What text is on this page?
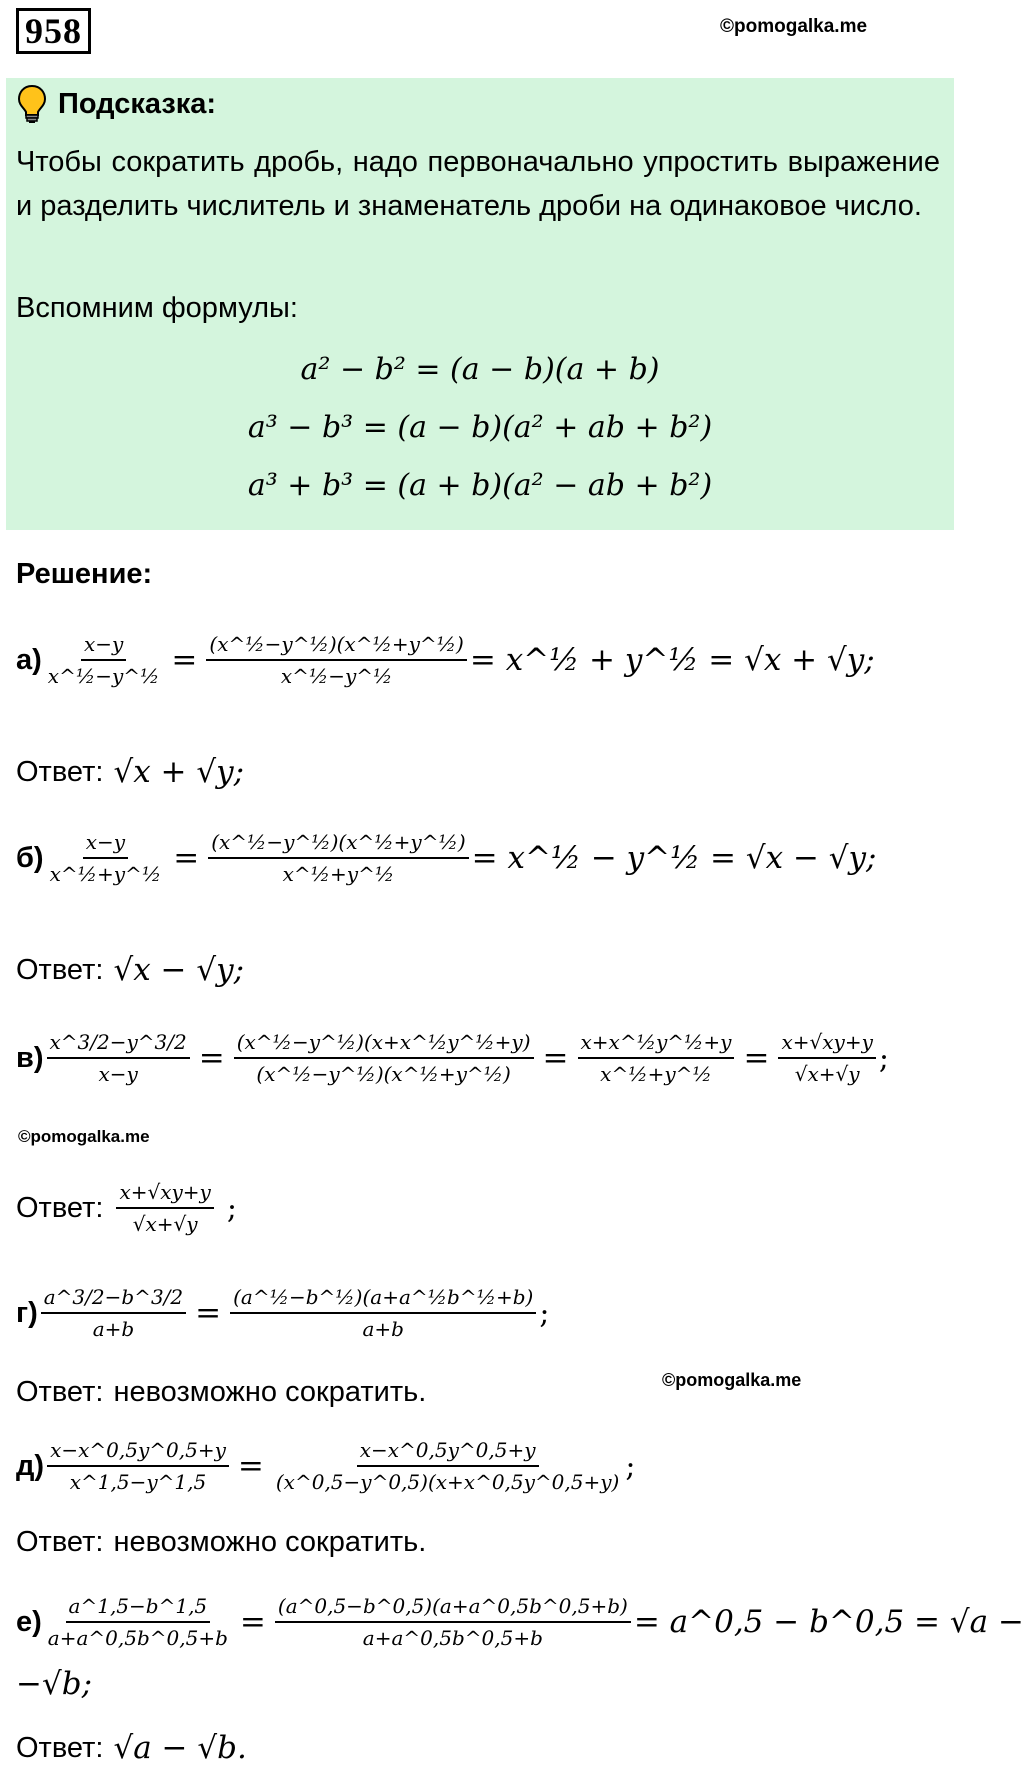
958	©pomogalka.me
Подсказка:
Чтобы сократить дробь, надо первоначально упростить выражение и разделить числитель и знаменатель дроби на одинаковое число.
Вспомним формулы:
a² − b² = (a − b)(a + b)
a³ − b³ = (a − b)(a² + ab + b²)
a³ + b³ = (a + b)(a² − ab + b²)
Решение:
$а) \frac{x-y}{\text{x\textasciicircum{}½−y\textasciicircum{}½}} = \frac{\text{(x\textasciicircum{}½−y\textasciicircum{}½)(x\textasciicircum{}½+y\textasciicircum{}½)}}{\text{x\textasciicircum{}½−y\textasciicircum{}½}}$ = x^½ + y^½ = √x + √y;
Ответ: √x + √y;
$б) \frac{x-y}{\text{x\textasciicircum{}½+y\textasciicircum{}½}} = \frac{\text{(x\textasciicircum{}½−y\textasciicircum{}½)(x\textasciicircum{}½+y\textasciicircum{}½)}}{\text{x\textasciicircum{}½+y\textasciicircum{}½}}$ = x^½ − y^½ = √x − √y;
Ответ: √x − √y;
$в) \frac{x\^{}3/2-y\^{}3/2}{x-y} = \frac{\text{(x\textasciicircum{}½−y\textasciicircum{}½)(x+x\textasciicircum{}½y\textasciicircum{}½+y)}}{\text{(x\textasciicircum{}½−y\textasciicircum{}½)(x\textasciicircum{}½+y\textasciicircum{}½)}} = \frac{\text{x+x\textasciicircum{}½y\textasciicircum{}½+y}}{\text{x\textasciicircum{}½+y\textasciicircum{}½}} = \frac{x+√xy+y}{√x+√y}$ ;
©pomogalka.me
Ответ: $\frac{x+√xy+y}{√x+√y}$ ;
$г) \frac{a\^{}3/2-b\^{}3/2}{a+b} = \frac{\text{(a\textasciicircum{}½−b\textasciicircum{}½)(a+a\textasciicircum{}½b\textasciicircum{}½+b)}}{a+b}$ ;
Ответ: невозможно сократить.	©pomogalka.me
$д) \frac{x-x\^{}0,5y\^{}0,5+y}{x\^{}1,5-y\^{}1,5} = \frac{x-x\^{}0,5y\^{}0,5+y}{(x\^{}0,5-y\^{}0,5)(x+x\^{}0,5y\^{}0,5+y)}$ ;
Ответ: невозможно сократить.
$е) \frac{a\^{}1,5-b\^{}1,5}{a+a\^{}0,5b\^{}0,5+b} = \frac{(a\^{}0,5-b\^{}0,5)(a+a\^{}0,5b\^{}0,5+b)}{a+a\^{}0,5b\^{}0,5+b}$ = a^0,5 − b^0,5 = √a −
−√b;
Ответ: √a − √b.
